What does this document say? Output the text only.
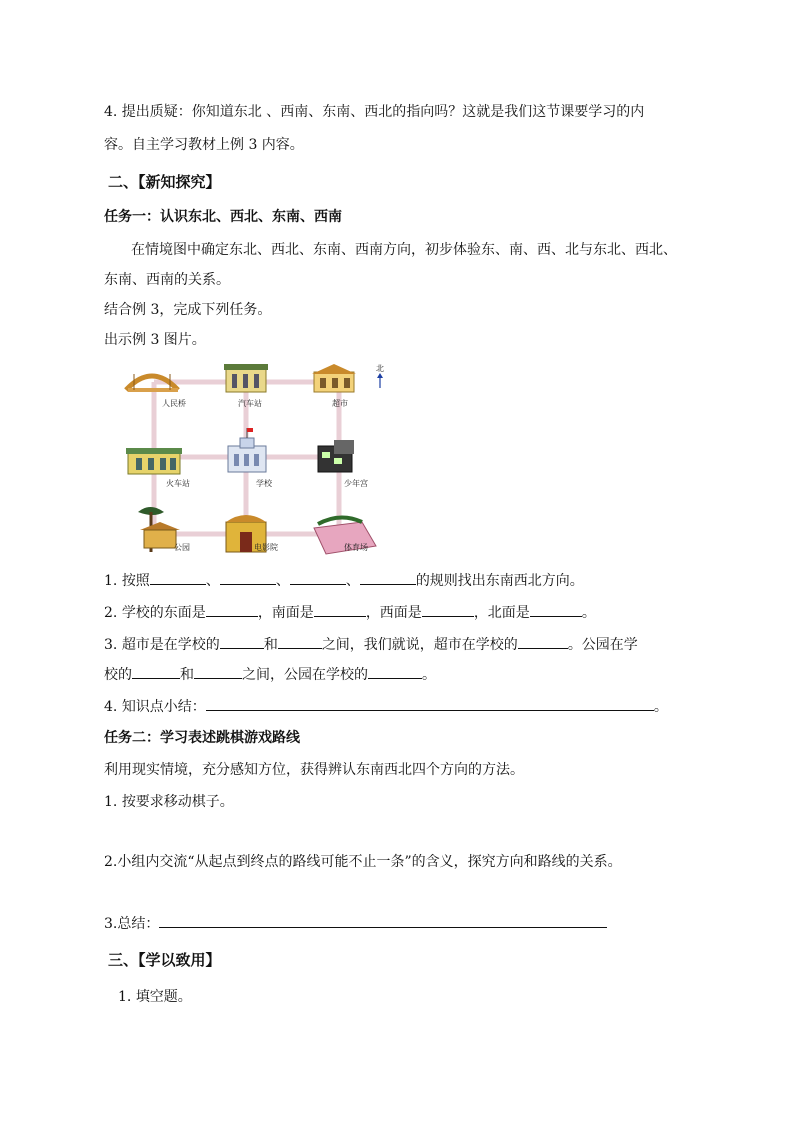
4. 提出质疑：你知道东北 、西南、东南、西北的指向吗？这就是我们这节课要学习的内
容。自主学习教材上例 3 内容。
二、【新知探究】
任务一：认识东北、西北、东南、西南
在情境图中确定东北、西北、东南、西南方向，初步体验东、南、西、北与东北、西北、
东南、西南的关系。
结合例 3，完成下列任务。
出示例 3 图片。
北
人民桥	汽车站	超市
火车站	学校	少年宫
公园	电影院	体育场
1. 按照	、	、	、	的规则找出东南西北方向。
2. 学校的东面是	，南面是	，西面是	，北面是	。
3. 超市是在学校的	和	之间，我们就说，超市在学校的	。公园在学
校的	和	之间，公园在学校的	。
4. 知识点小结：	。
任务二：学习表述跳棋游戏路线
利用现实情境，充分感知方位，获得辨认东南西北四个方向的方法。
1. 按要求移动棋子。
2.小组内交流“从起点到终点的路线可能不止一条”的含义，探究方向和路线的关系。
3.总结：
三、【学以致用】
1. 填空题。
